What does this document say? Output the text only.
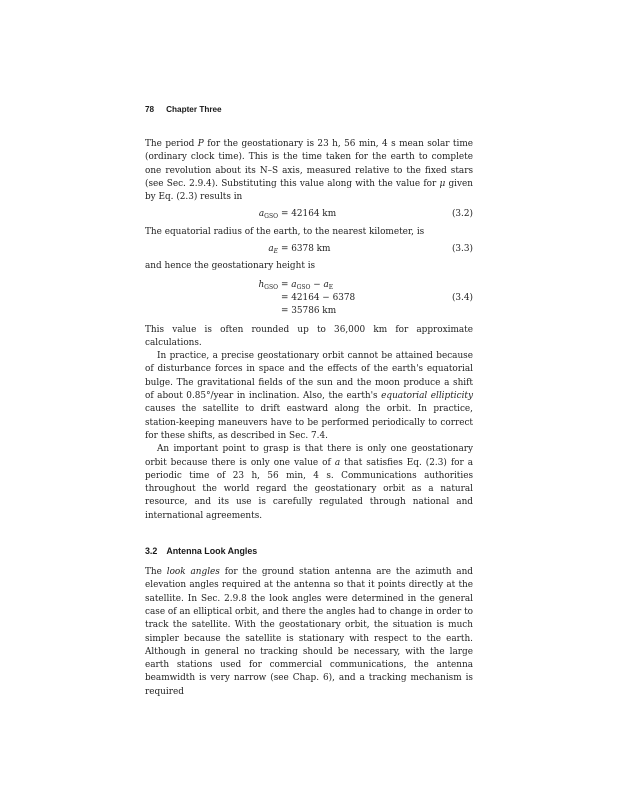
78 Chapter Three

The period P for the geostationary is 23 h, 56 min, 4 s mean solar time (ordinary clock time). This is the time taken for the earth to complete one revolution about its N–S axis, measured relative to the fixed stars (see Sec. 2.9.4). Substituting this value along with the value for μ given by Eq. (2.3) results in

$a_{GSO} = 42164$ km	(3.2)

The equatorial radius of the earth, to the nearest kilometer, is

$a_E = 6378$ km	(3.3)

and hence the geostationary height is

$h_{GSO} = a_{GSO} - a_E$
= 42164 − 6378	(3.4)
= 35786 km

This value is often rounded up to 36,000 km for approximate calculations.

In practice, a precise geostationary orbit cannot be attained because of disturbance forces in space and the effects of the earth's equatorial bulge. The gravitational fields of the sun and the moon produce a shift of about 0.85°/year in inclination. Also, the earth's equatorial ellipticity causes the satellite to drift eastward along the orbit. In practice, station-keeping maneuvers have to be performed periodically to correct for these shifts, as described in Sec. 7.4.

An important point to grasp is that there is only one geostationary orbit because there is only one value of a that satisfies Eq. (2.3) for a periodic time of 23 h, 56 min, 4 s. Communications authorities throughout the world regard the geostationary orbit as a natural resource, and its use is carefully regulated through national and international agreements.

3.2 Antenna Look Angles

The look angles for the ground station antenna are the azimuth and elevation angles required at the antenna so that it points directly at the satellite. In Sec. 2.9.8 the look angles were determined in the general case of an elliptical orbit, and there the angles had to change in order to track the satellite. With the geostationary orbit, the situation is much simpler because the satellite is stationary with respect to the earth. Although in general no tracking should be necessary, with the large earth stations used for commercial communications, the antenna beamwidth is very narrow (see Chap. 6), and a tracking mechanism is required
